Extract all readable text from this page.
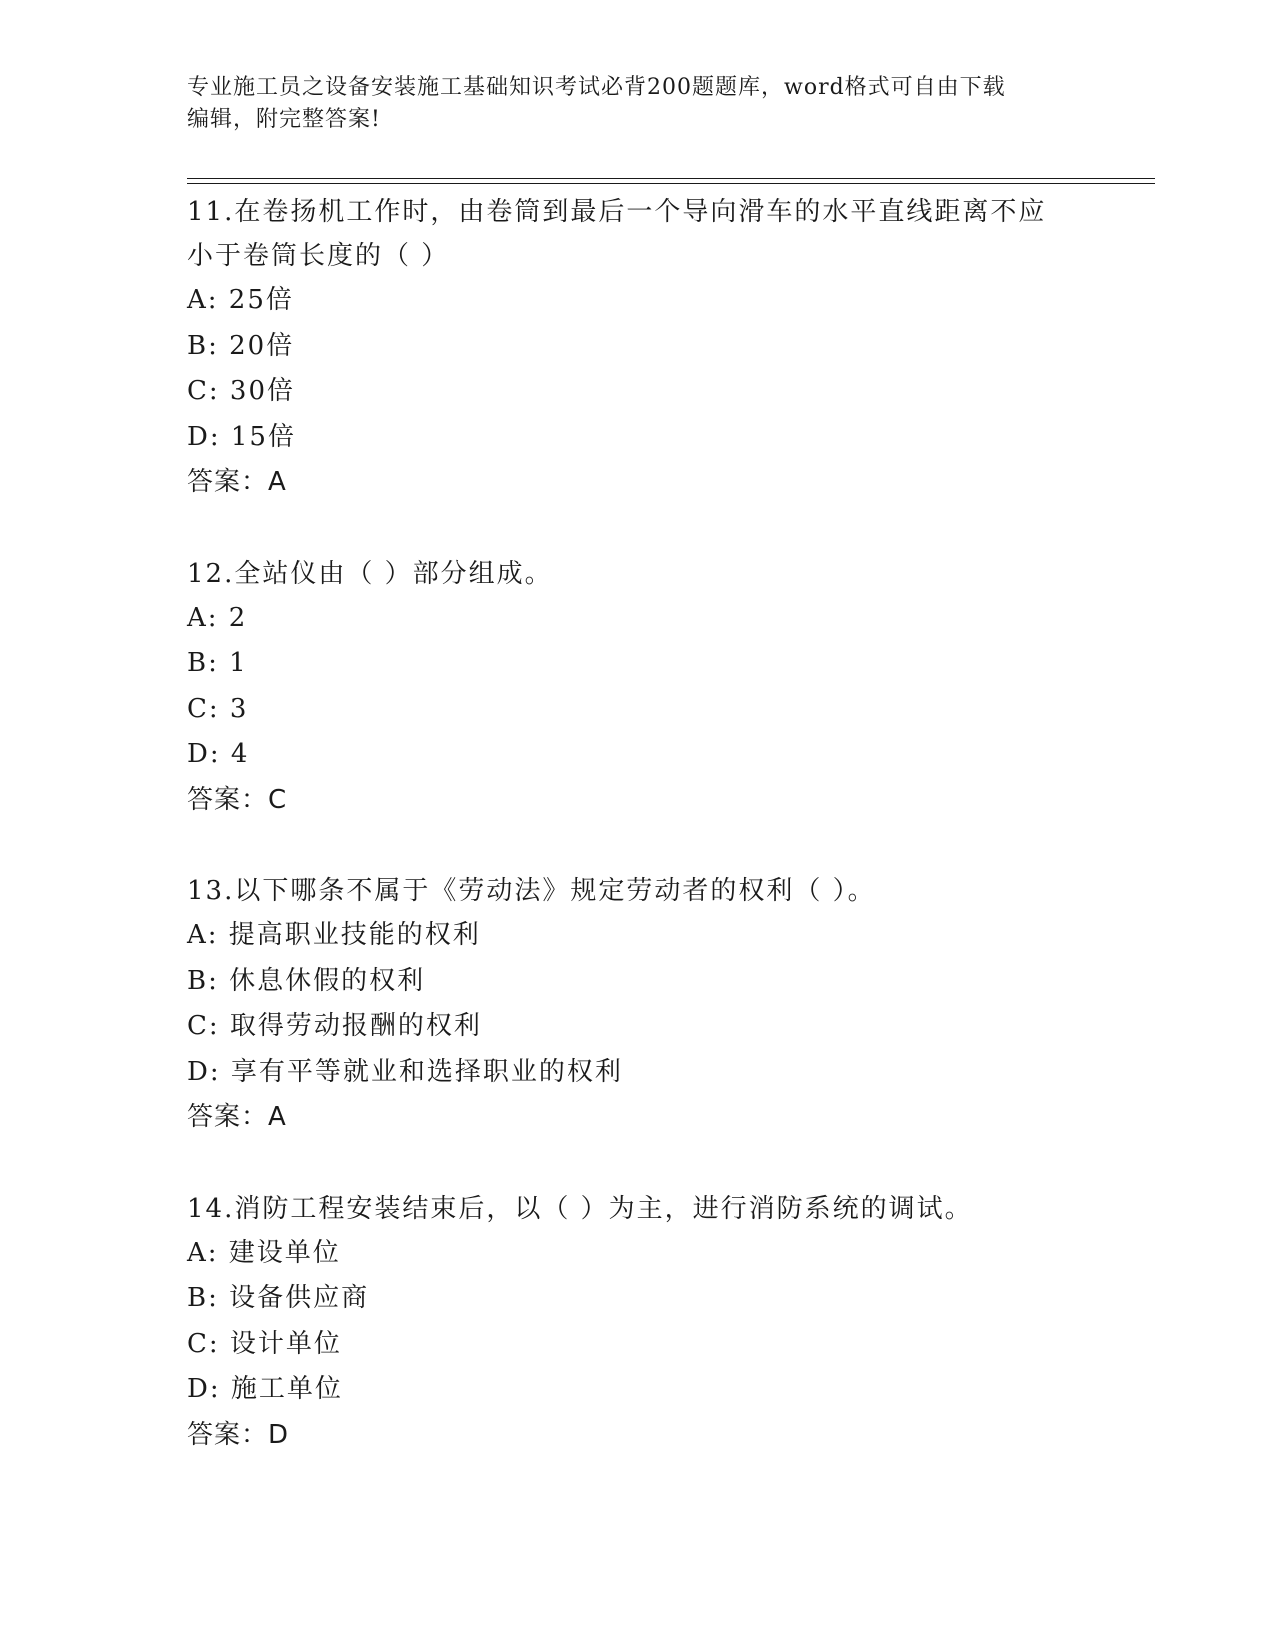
专业施工员之设备安装施工基础知识考试必背200题题库，word格式可自由下载
编辑，附完整答案!
11.在卷扬机工作时，由卷筒到最后一个导向滑车的水平直线距离不应
小于卷筒长度的（ ）
A: 25倍
B: 20倍
C: 30倍
D: 15倍
答案：A
12.全站仪由（ ）部分组成。
A: 2
B: 1
C: 3
D: 4
答案：C
13.以下哪条不属于《劳动法》规定劳动者的权利（ ）。
A: 提高职业技能的权利
B: 休息休假的权利
C: 取得劳动报酬的权利
D: 享有平等就业和选择职业的权利
答案：A
14.消防工程安装结束后，以（ ）为主，进行消防系统的调试。
A: 建设单位
B: 设备供应商
C: 设计单位
D: 施工单位
答案：D
